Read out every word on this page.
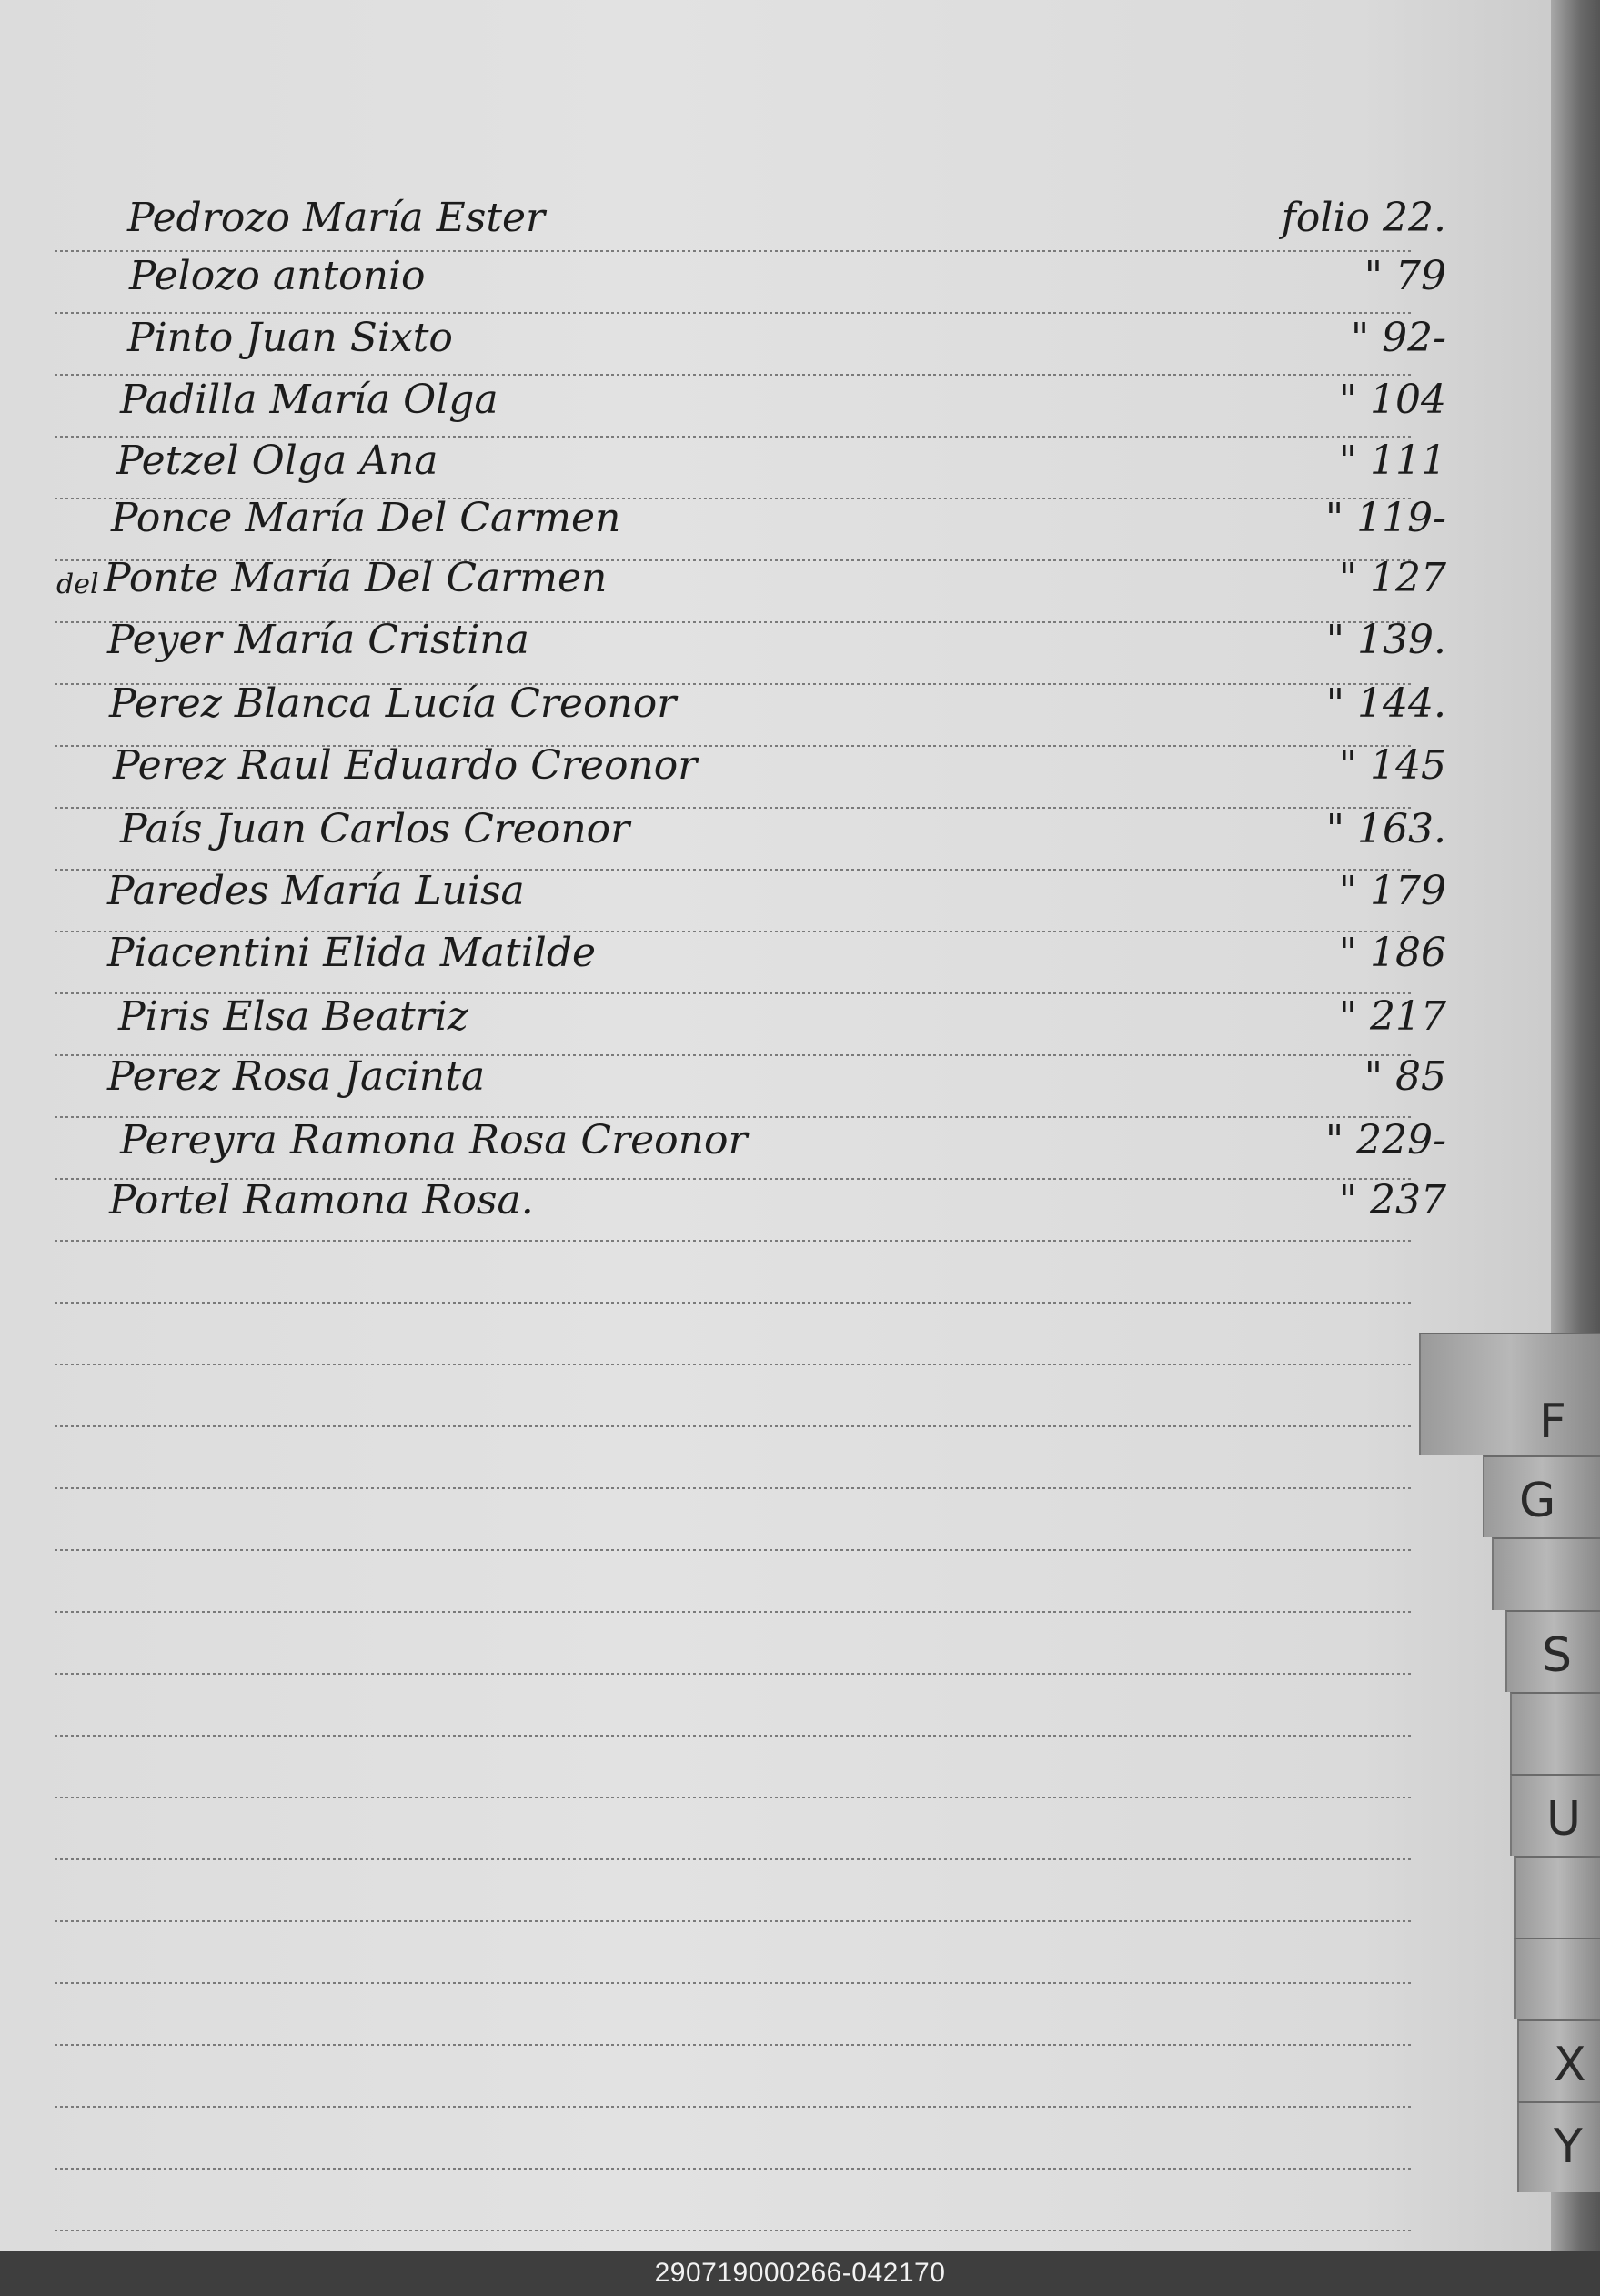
Pedrozo María Ester	folio 22.
Pelozo antonio	" 79
Pinto Juan Sixto	" 92-
Padilla María Olga	" 104
Petzel Olga Ana	" 111
Ponce María Del Carmen	" 119-
del Ponte María Del Carmen	" 127
Peyer María Cristina	" 139.
Perez Blanca Lucía Creonor	" 144.
Perez Raul Eduardo Creonor	" 145
País Juan Carlos Creonor	" 163.
Paredes María Luisa	" 179
Piacentini Elida Matilde	" 186
Piris Elsa Beatriz	" 217
Perez Rosa Jacinta	" 85
Pereyra Ramona Rosa Creonor	" 229-
Portel Ramona Rosa.	" 237
F
G
S
U
X
Y
290719000266-042170
